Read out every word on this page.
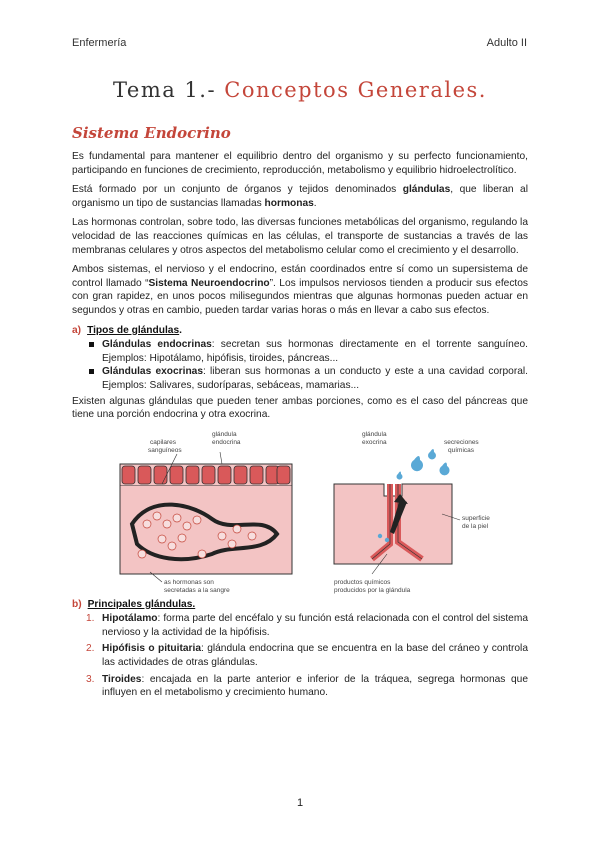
Enfermería	Adulto II
Tema 1.- Conceptos Generales.
Sistema Endocrino

Es fundamental para mantener el equilibrio dentro del organismo y su perfecto funcionamiento, participando en funciones de crecimiento, reproducción, metabolismo y equilibrio hidroelectrolítico.

Está formado por un conjunto de órganos y tejidos denominados glándulas, que liberan al organismo un tipo de sustancias llamadas hormonas.

Las hormonas controlan, sobre todo, las diversas funciones metabólicas del organismo, regulando la velocidad de las reacciones químicas en las células, el transporte de sustancias a través de las membranas celulares y otros aspectos del metabolismo celular como el crecimiento y el desarrollo.

Ambos sistemas, el nervioso y el endocrino, están coordinados entre sí como un supersistema de control llamado “Sistema Neuroendocrino”. Los impulsos nerviosos tienden a producir sus efectos con gran rapidez, en unos pocos milisegundos mientras que algunas hormonas pueden actuar en segundos y otras en cambio, pueden tardar varias horas o más en llevar a cabo sus efectos.

a) Tipos de glándulas.
Glándulas endocrinas: secretan sus hormonas directamente en el torrente sanguíneo. Ejemplos: Hipotálamo, hipófisis, tiroides, páncreas...
Glándulas exocrinas: liberan sus hormonas a un conducto y este a una cavidad corporal. Ejemplos: Salivares, sudoríparas, sebáceas, mamarias...

Existen algunas glándulas que pueden tener ambas porciones, como es el caso del páncreas que tiene una porción endocrina y otra exocrina.

capilares
sanguíneos
glándula
endocrina
as hormonas son
secretadas a la sangre
glándula
exocrina	secreciones
químicas
superficie
de la piel
productos químicos
producidos por la glándula
b) Principales glándulas.
1. Hipotálamo: forma parte del encéfalo y su función está relacionada con el control del sistema nervioso y la actividad de la hipófisis.
2. Hipófisis o pituitaria: glándula endocrina que se encuentra en la base del cráneo y controla las actividades de otras glándulas.
3. Tiroides: encajada en la parte anterior e inferior de la tráquea, segrega hormonas que influyen en el metabolismo y crecimiento humano.
1
